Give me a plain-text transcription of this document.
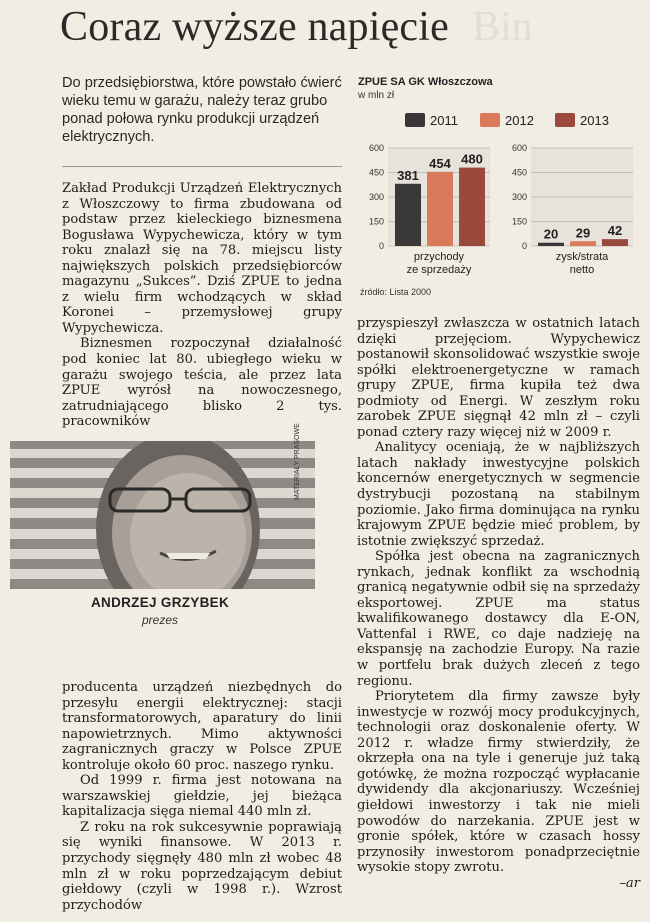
Bin
Coraz wyższe napięcie
Do przedsiębiorstwa, które powstało ćwierć wieku temu w garażu, należy teraz grubo ponad połowa rynku produkcji urządzeń elektrycznych.
ZPUE SA GK Włoszczowa
w mln zł
2011	2012	2013
600
450
300
150
0
381
454 480
przychody
ze sprzedaży
źródło: Lista 2000
600
450
300
150
0
20 29 42
zysk/strata
netto
MATERIAŁY PRASOWE
ANDRZEJ GRZYBEK
prezes

Zakład Produkcji Urządzeń Elektrycznych z Włoszczowy to firma zbudowana od podstaw przez kieleckiego biznesmena Bogusława Wypychewicza, który w tym roku znalazł się na 78. miejscu listy największych polskich przedsiębiorców magazynu „Sukces”. Dziś ZPUE to jedna z wielu firm wchodzących w skład Koronei – przemysłowej grupy Wypychewicza.

Biznesmen rozpoczynał działalność pod koniec lat 80. ubiegłego wieku w garażu swojego teścia, ale przez lata ZPUE wyrósł na nowoczesnego, zatrudniającego blisko 2 tys. pracowników

producenta urządzeń niezbędnych do przesyłu energii elektrycznej: stacji transformatorowych, aparatury do linii napowietrznych. Mimo aktywności zagranicznych graczy w Polsce ZPUE kontroluje około 60 proc. naszego rynku.

Od 1999 r. firma jest notowana na warszawskiej giełdzie, jej bieżąca kapitalizacja sięga niemal 440 mln zł.

Z roku na rok sukcesywnie poprawiają się wyniki finansowe. W 2013 r. przychody sięgnęły 480 mln zł wobec 48 mln zł w roku poprzedzającym debiut giełdowy (czyli w 1998 r.). Wzrost przychodów

przyspieszył zwłaszcza w ostatnich latach dzięki przejęciom. Wypychewicz postanowił skonsolidować wszystkie swoje spółki elektroenergetyczne w ramach grupy ZPUE, firma kupiła też dwa podmioty od Energi. W zeszłym roku zarobek ZPUE sięgnął 42 mln zł – czyli ponad cztery razy więcej niż w 2009 r.

Analitycy oceniają, że w najbliższych latach nakłady inwestycyjne polskich koncernów energetycznych w segmencie dystrybucji pozostaną na stabilnym poziomie. Jako firma dominująca na rynku krajowym ZPUE będzie mieć problem, by istotnie zwiększyć sprzedaż.

Spółka jest obecna na zagranicznych rynkach, jednak konflikt za wschodnią granicą negatywnie odbił się na sprzedaży eksportowej. ZPUE ma status kwalifikowanego dostawcy dla E-ON, Vattenfal i RWE, co daje nadzieję na ekspansję na zachodzie Europy. Na razie w portfelu brak dużych zleceń z tego regionu.

Priorytetem dla firmy zawsze były inwestycje w rozwój mocy produkcyjnych, technologii oraz doskonalenie oferty. W 2012 r. władze firmy stwierdziły, że okrzepła ona na tyle i generuje już taką gotówkę, że można rozpocząć wypłacanie dywidendy dla akcjonariuszy. Wcześniej giełdowi inwestorzy i tak nie mieli powodów do narzekania. ZPUE jest w gronie spółek, które w czasach hossy przynosiły inwestorom ponadprzeciętnie wysokie stopy zwrotu.

–ar
